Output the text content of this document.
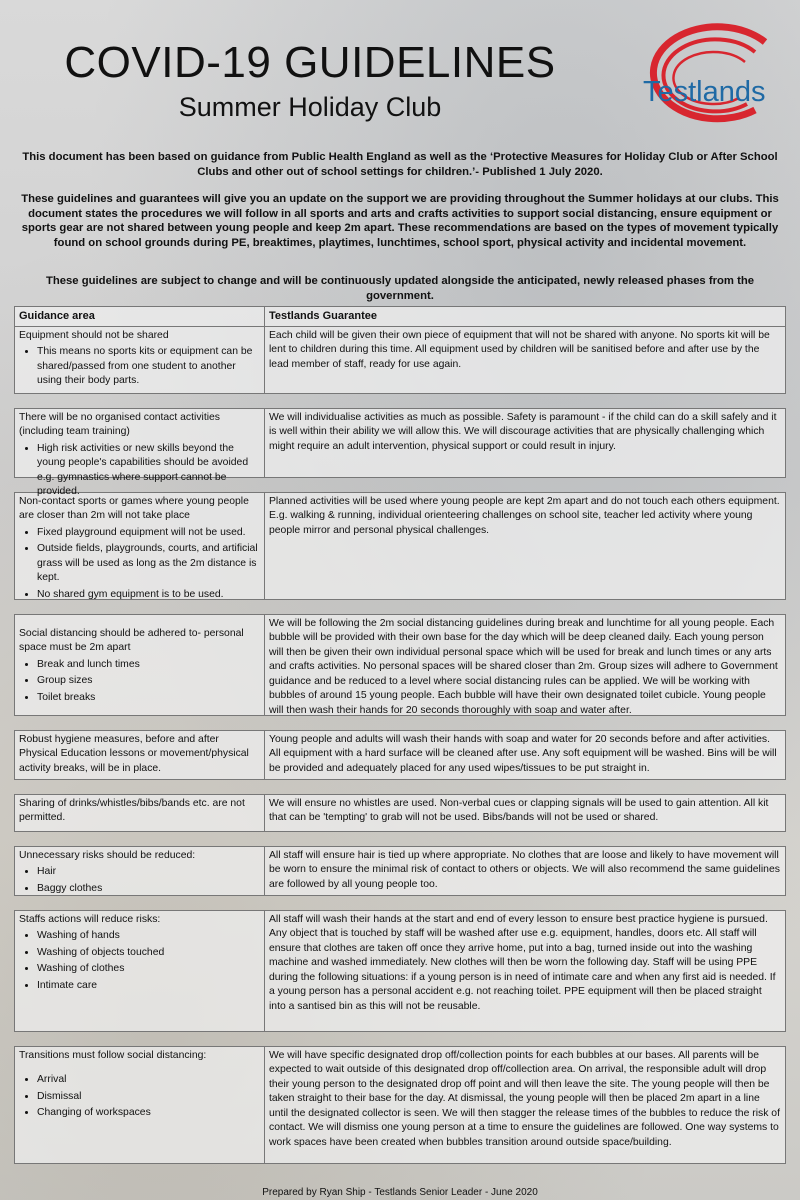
COVID-19 GUIDELINES
Summer Holiday Club	Testlands

This document has been based on guidance from Public Health England as well as the ‘Protective Measures for Holiday Club or After School Clubs and other out of school settings for children.’- Published 1 July 2020.

These guidelines and guarantees will give you an update on the support we are providing throughout the Summer holidays at our clubs. This document states the procedures we will follow in all sports and arts and crafts activities to support social distancing, ensure equipment or sports gear are not shared between young people and keep 2m apart. These recommendations are based on the types of movement typically found on school grounds during PE, breaktimes, playtimes, lunchtimes, school sport, physical activity and incidental movement.

These guidelines are subject to change and will be continuously updated alongside the anticipated, newly released phases from the government.

Guidance area	Testlands Guarantee
Equipment should not be shared
• This means no sports kits or equipment can be shared/passed from one student to another using their body parts.
Each child will be given their own piece of equipment that will not be shared with anyone. No sports kit will be lent to children during this time. All equipment used by children will be sanitised before and after use by the lead member of staff, ready for use again.
There will be no organised contact activities (including team training)
• High risk activities or new skills beyond the young people's capabilities should be avoided e.g. gymnastics where support cannot be provided.
We will individualise activities as much as possible. Safety is paramount - if the child can do a skill safely and it is well within their ability we will allow this. We will discourage activities that are physically challenging which might require an adult intervention, physical support or could result in injury.
Non-contact sports or games where young people are closer than 2m will not take place
• Fixed playground equipment will not be used.
• Outside fields, playgrounds, courts, and artificial grass will be used as long as the 2m distance is kept.
• No shared gym equipment is to be used.
Planned activities will be used where young people are kept 2m apart and do not touch each others equipment. E.g. walking & running, individual orienteering challenges on school site, teacher led activity where young people mirror and personal physical challenges.
Social distancing should be adhered to- personal space must be 2m apart
• Break and lunch times
• Group sizes
• Toilet breaks
We will be following the 2m social distancing guidelines during break and lunchtime for all young people. Each bubble will be provided with their own base for the day which will be deep cleaned daily. Each young person will then be given their own individual personal space which will be used for break and lunch times or any arts and crafts activities. No personal spaces will be shared closer than 2m. Group sizes will adhere to Government guidance and be reduced to a level where social distancing rules can be applied. We will be working with bubbles of around 15 young people. Each bubble will have their own designated toilet cubicle. Young people will then wash their hands for 20 seconds thoroughly with soap and water after.
Robust hygiene measures, before and after Physical Education lessons or movement/physical activity breaks, will be in place.
Young people and adults will wash their hands with soap and water for 20 seconds before and after activities. All equipment with a hard surface will be cleaned after use. Any soft equipment will be washed. Bins will be will be provided and adequately placed for any used wipes/tissues to be put straight in.
Sharing of drinks/whistles/bibs/bands etc. are not permitted.
We will ensure no whistles are used. Non-verbal cues or clapping signals will be used to gain attention. All kit that can be 'tempting' to grab will not be used. Bibs/bands will not be used or shared.
Unnecessary risks should be reduced:
• Hair
• Baggy clothes
All staff will ensure hair is tied up where appropriate. No clothes that are loose and likely to have movement will be worn to ensure the minimal risk of contact to others or objects. We will also recommend the same guidelines are followed by all young people too.
Staffs actions will reduce risks:
• Washing of hands
• Washing of objects touched
• Washing of clothes
• Intimate care
All staff will wash their hands at the start and end of every lesson to ensure best practice hygiene is pursued. Any object that is touched by staff will be washed after use e.g. equipment, handles, doors etc. All staff will ensure that clothes are taken off once they arrive home, put into a bag, turned inside out into the washing machine and washed immediately. New clothes will then be worn the following day. Staff will be using PPE during the following situations: if a young person is in need of intimate care and when any first aid is needed. If a young person has a personal accident e.g. not reaching toilet. PPE equipment will then be placed straight into a santised bin as this will not be reusable.
Transitions must follow social distancing:
• Arrival
• Dismissal
• Changing of workspaces
We will have specific designated drop off/collection points for each bubbles at our bases. All parents will be expected to wait outside of this designated drop off/collection area. On arrival, the responsible adult will drop their young person to the designated drop off point and will then leave the site. The young people will then be taken straight to their base for the day. At dismissal, the young people will then be placed 2m apart in a line until the designated collector is seen. We will then stagger the release times of the bubbles to reduce the risk of contact. We will dismiss one young person at a time to ensure the guidelines are followed. One way systems to work spaces have been created when bubbles transition around outside space/building.
Prepared by Ryan Ship - Testlands Senior Leader - June 2020
